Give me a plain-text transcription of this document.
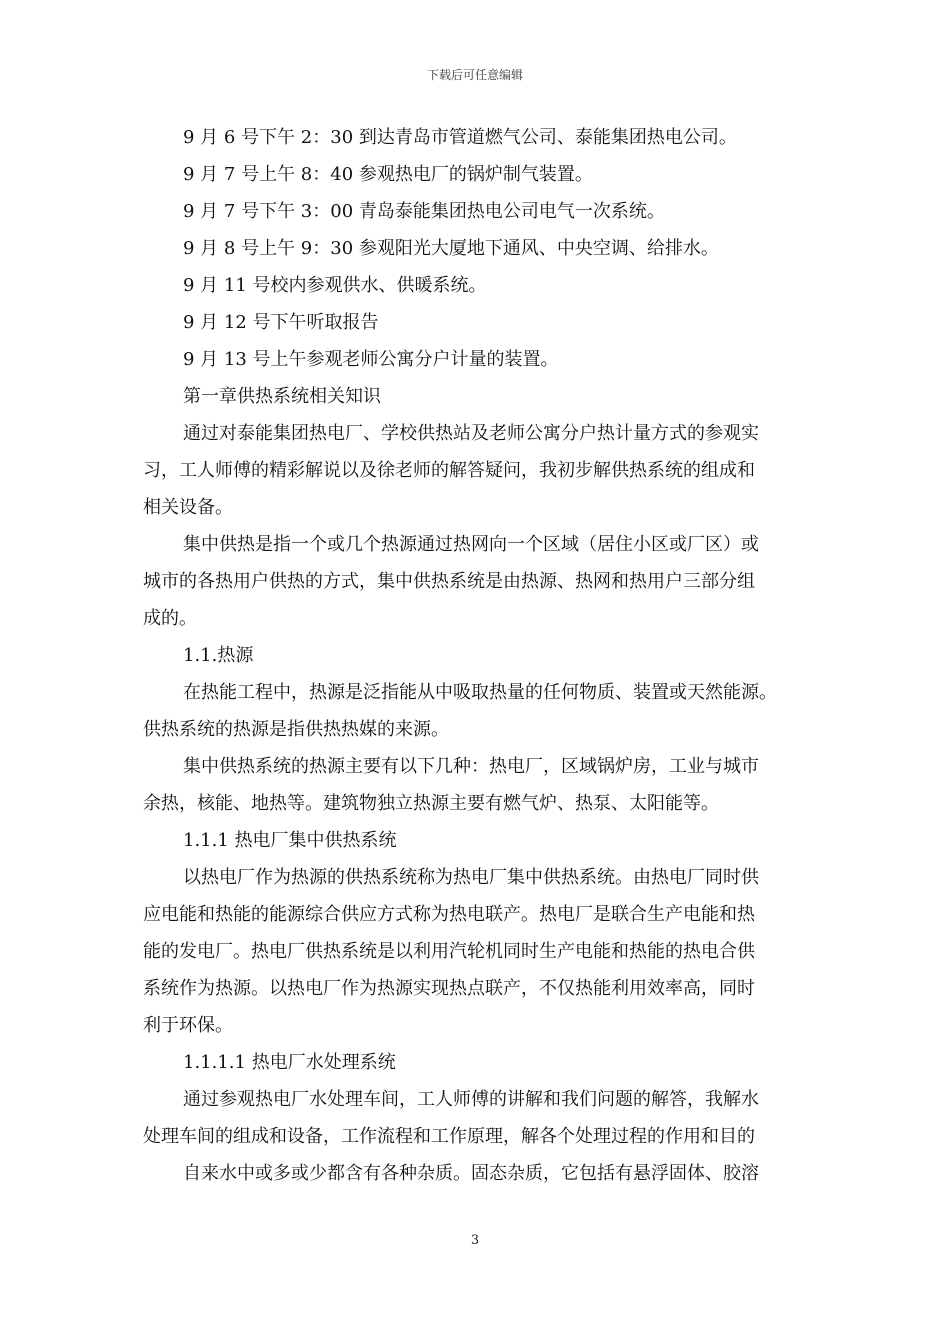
下载后可任意编辑
9 月 6 号下午 2：30 到达青岛市管道燃气公司、泰能集团热电公司。
9 月 7 号上午 8：40 参观热电厂的锅炉制气装置。
9 月 7 号下午 3：00 青岛泰能集团热电公司电气一次系统。
9 月 8 号上午 9：30 参观阳光大厦地下通风、中央空调、给排水。
9 月 11 号校内参观供水、供暖系统。
9 月 12 号下午听取报告
9 月 13 号上午参观老师公寓分户计量的装置。
第一章供热系统相关知识
通过对泰能集团热电厂、学校供热站及老师公寓分户热计量方式的参观实
习，工人师傅的精彩解说以及徐老师的解答疑问，我初步解供热系统的组成和
相关设备。
集中供热是指一个或几个热源通过热网向一个区域（居住小区或厂区）或
城市的各热用户供热的方式，集中供热系统是由热源、热网和热用户三部分组
成的。
1.1.热源
在热能工程中，热源是泛指能从中吸取热量的任何物质、装置或天然能源。
供热系统的热源是指供热热媒的来源。
集中供热系统的热源主要有以下几种：热电厂，区域锅炉房，工业与城市
余热，核能、地热等。建筑物独立热源主要有燃气炉、热泵、太阳能等。
1.1.1 热电厂集中供热系统
以热电厂作为热源的供热系统称为热电厂集中供热系统。由热电厂同时供
应电能和热能的能源综合供应方式称为热电联产。热电厂是联合生产电能和热
能的发电厂。热电厂供热系统是以利用汽轮机同时生产电能和热能的热电合供
系统作为热源。以热电厂作为热源实现热点联产，不仅热能利用效率高，同时
利于环保。
1.1.1.1 热电厂水处理系统
通过参观热电厂水处理车间，工人师傅的讲解和我们问题的解答，我解水
处理车间的组成和设备，工作流程和工作原理，解各个处理过程的作用和目的
自来水中或多或少都含有各种杂质。固态杂质，它包括有悬浮固体、胶溶
3
